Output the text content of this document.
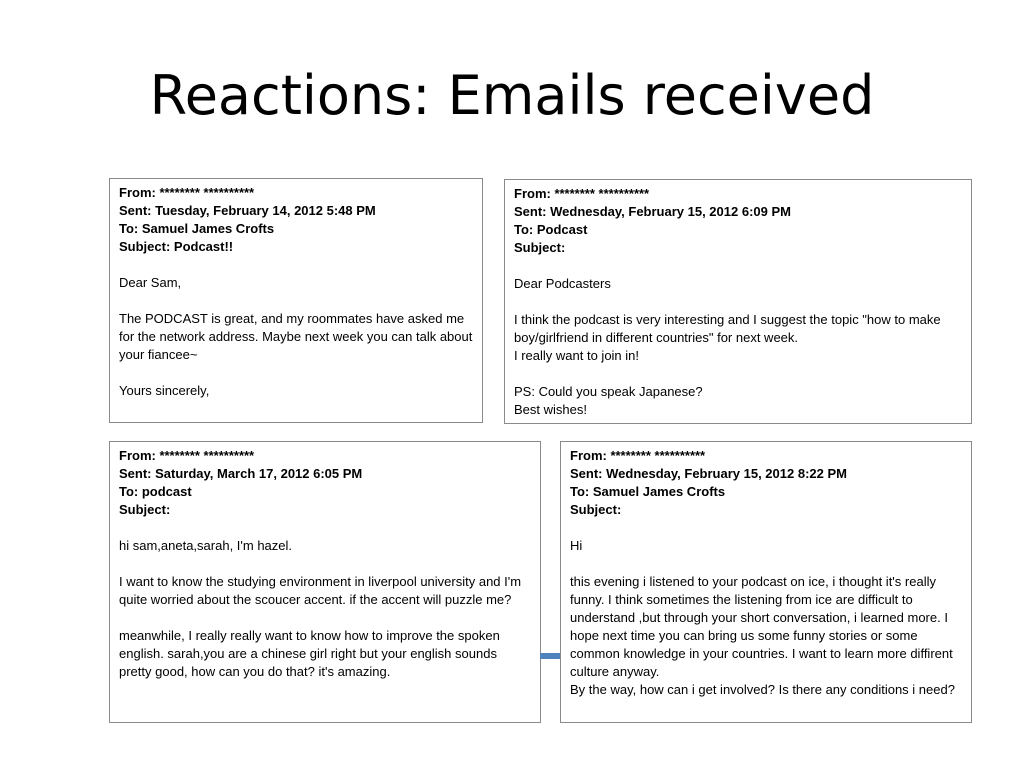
Reactions: Emails received
From: ******** **********
Sent: Tuesday, February 14, 2012 5:48 PM
To: Samuel James Crofts
Subject: Podcast!!
Dear Sam,
The PODCAST is great, and my roommates have asked me for the network address. Maybe next week you can talk about your fiancee~
Yours sincerely,
From: ******** **********
Sent: Wednesday, February 15, 2012 6:09 PM
To: Podcast
Subject:
Dear Podcasters
I think the podcast is very interesting and I suggest the topic "how to make boy/girlfriend in different countries" for next week.
I really want to join in!
PS: Could you speak Japanese?
Best wishes!
From: ******** **********
Sent: Saturday, March 17, 2012 6:05 PM
To: podcast
Subject:
hi sam,aneta,sarah, I'm hazel.
I want to know the studying environment in liverpool university and I'm quite worried about the scoucer accent. if the accent will puzzle me?
meanwhile, I really really want to know how to improve the spoken english. sarah,you are a chinese girl right but your english sounds pretty good, how can you do that? it's amazing.
From: ******** **********
Sent: Wednesday, February 15, 2012 8:22 PM
To: Samuel James Crofts
Subject:
Hi
this evening i listened to your podcast on ice, i thought it's really funny. I think sometimes the listening from ice are difficult to understand ,but through your short conversation, i learned more. I hope next time you can bring us some funny stories or some common knowledge in your countries. I want to learn more diffirent culture anyway.
By the way, how can i get involved? Is there any conditions i need?
